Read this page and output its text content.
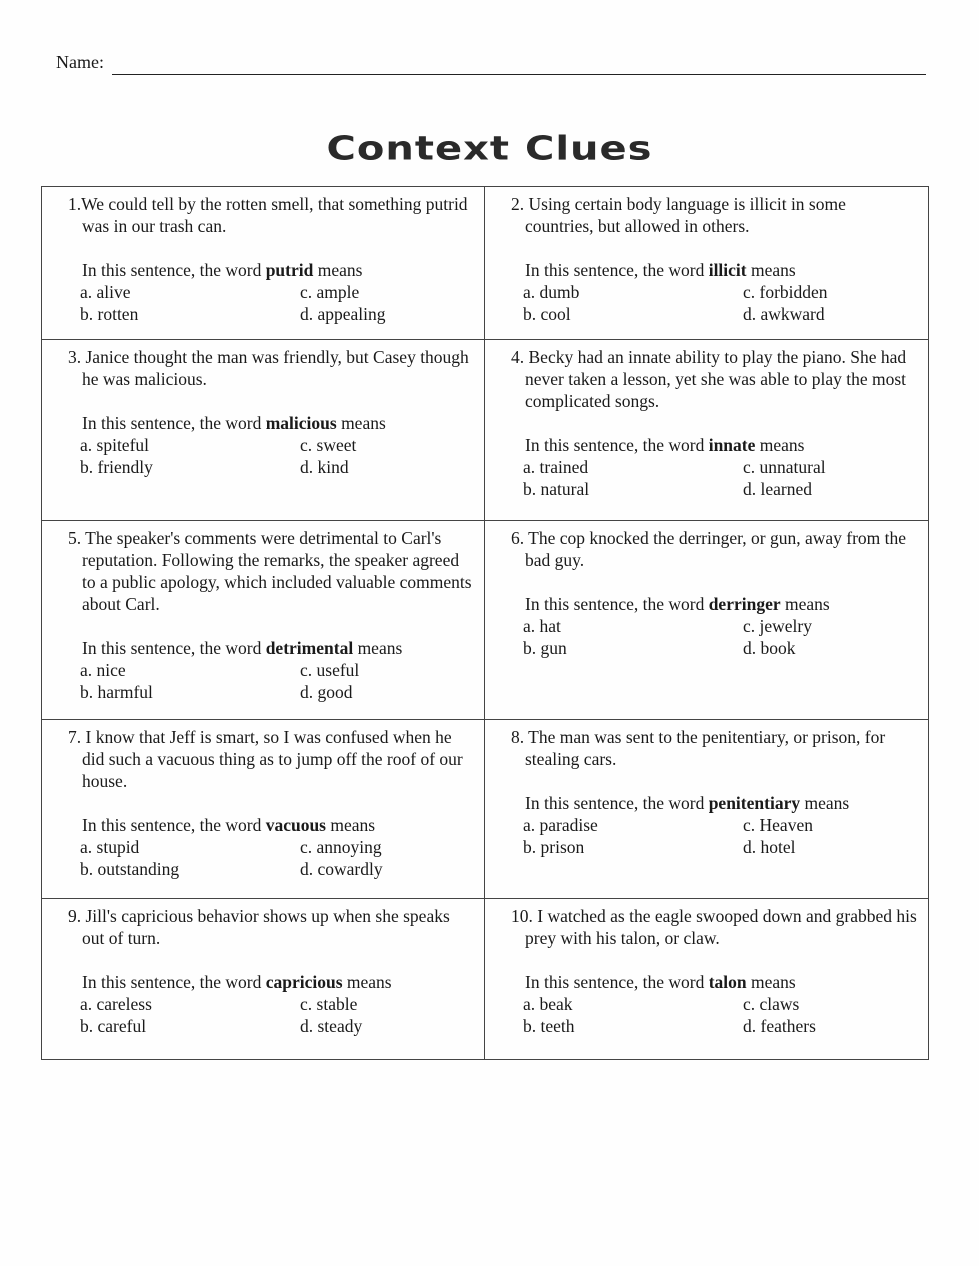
Name:
Context Clues

1.We could tell by the rotten smell, that something putrid was in our trash can.

In this sentence, the word putrid means

a. alive	c. ample
b. rotten	d. appealing

2. Using certain body language is illicit in some countries, but allowed in others.

In this sentence, the word illicit means

a. dumb	c. forbidden
b. cool	d. awkward

3. Janice thought the man was friendly, but Casey though he was malicious.

In this sentence, the word malicious means

a. spiteful	c. sweet
b. friendly	d. kind

4. Becky had an innate ability to play the piano. She had never taken a lesson, yet she was able to play the most complicated songs.

In this sentence, the word innate means

a. trained	c. unnatural
b. natural	d. learned

5. The speaker's comments were detrimental to Carl's reputation. Following the remarks, the speaker agreed to a public apology, which included valuable comments about Carl.

In this sentence, the word detrimental means

a. nice	c. useful
b. harmful	d. good

6. The cop knocked the derringer, or gun, away from the bad guy.

In this sentence, the word derringer means

a. hat	c. jewelry
b. gun	d. book

7. I know that Jeff is smart, so I was confused when he did such a vacuous thing as to jump off the roof of our house.

In this sentence, the word vacuous means

a. stupid	c. annoying
b. outstanding	d. cowardly

8. The man was sent to the penitentiary, or prison, for stealing cars.

In this sentence, the word penitentiary means

a. paradise	c. Heaven
b. prison	d. hotel

9. Jill's capricious behavior shows up when she speaks out of turn.

In this sentence, the word capricious means

a. careless	c. stable
b. careful	d. steady

10. I watched as the eagle swooped down and grabbed his prey with his talon, or claw.

In this sentence, the word talon means

a. beak	c. claws
b. teeth	d. feathers
